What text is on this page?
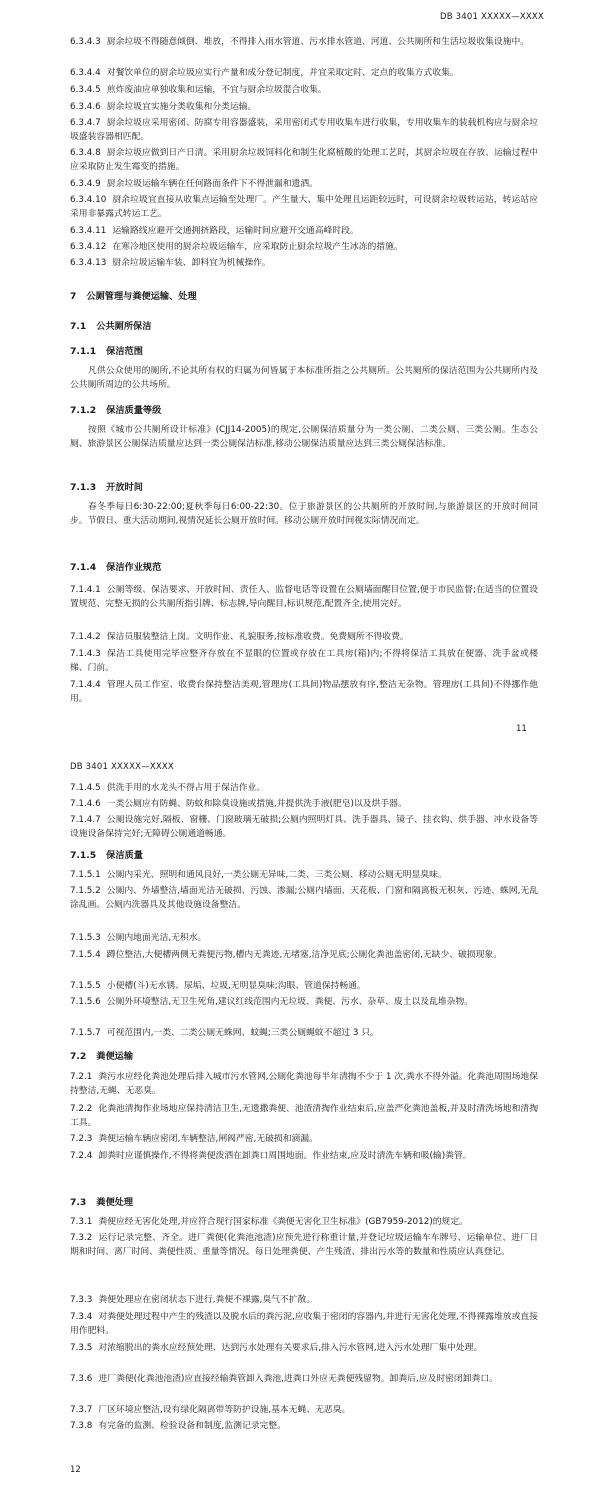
DB 3401 XXXXX—XXXX
6.3.4.3 厨余垃圾不得随意倾倒、堆放，不得排入雨水管道、污水排水管道、河道、公共厕所和生活垃圾收集设施中。
6.3.4.4 对餐饮单位的厨余垃圾应实行产量和成分登记制度，并宜采取定时、定点的收集方式收集。
6.3.4.5 煎炸废油应单独收集和运输，不宜与厨余垃圾混合收集。
6.3.4.6 厨余垃圾宜实施分类收集和分类运输。
6.3.4.7 厨余垃圾应采用密闭、防腐专用容器盛装，采用密闭式专用收集车进行收集，专用收集车的装载机构应与厨余垃圾盛装容器相匹配。
6.3.4.8 厨余垃圾应做到日产日清。采用厨余垃圾饲料化和制生化腐植酸的处理工艺时，其厨余垃圾在存放、运输过程中应采取防止发生霉变的措施。
6.3.4.9 厨余垃圾运输车辆在任何路面条件下不得泄漏和遗洒。
6.3.4.10 厨余垃圾宜直接从收集点运输至处理厂。产生量大、集中处理且运距较远时，可设厨余垃圾转运站，转运站应采用非暴露式转运工艺。
6.3.4.11 运输路线应避开交通拥挤路段，运输时间应避开交通高峰时段。
6.3.4.12 在寒冷地区使用的厨余垃圾运输车，应采取防止厨余垃圾产生冰冻的措施。
6.3.4.13 厨余垃圾运输车装、卸料宜为机械操作。
7 公厕管理与粪便运输、处理
7.1 公共厕所保洁
7.1.1 保洁范围
凡供公众使用的厕所,不论其所有权的归属为何皆属于本标准所指之公共厕所。公共厕所的保洁范围为公共厕所内及公共厕所周边的公共场所。
7.1.2 保洁质量等级
按照《城市公共厕所设计标准》(CJJ14-2005)的规定,公厕保洁质量分为一类公厕、二类公厕、三类公厕。生态公厕、旅游景区公厕保洁质量应达到一类公厕保洁标准,移动公厕保洁质量应达到三类公厕保洁标准。
7.1.3 开放时间
春冬季每日6:30-22:00;夏秋季每日6:00-22:30。位于旅游景区的公共厕所的开放时间,与旅游景区的开放时间同步。节假日、重大活动期间,视情况延长公厕开放时间。移动公厕开放时间视实际情况而定。
7.1.4 保洁作业规范
7.1.4.1 公厕等级、保洁要求、开放时间、责任人、监督电话等设置在公厕墙面醒目位置,便于市民监督;在适当的位置设置规范、完整无损的公共厕所指引牌、标志牌,导向醒目,标识规范,配置齐全,使用完好。
7.1.4.2 保洁员服装整洁上岗。文明作业、礼貌服务,按标准收费。免费厕所不得收费。
7.1.4.3 保洁工具使用完毕应整齐存放在不显眼的位置或存放在工具房(箱)内;不得将保洁工具放在便器、洗手盆或楼梯、门前。
7.1.4.4 管理人员工作室、收费台保持整洁美观,管理房(工具间)物品摆放有序,整洁无杂物。管理房(工具间)不得挪作他用。
11
DB 3401 XXXXX—XXXX
7.1.4.5 供洗手用的水龙头不得占用于保洁作业。
7.1.4.6 一类公厕应有防蝇、防蚊和除臭设施或措施,并提供洗手液(肥皂)以及烘手器。
7.1.4.7 公厕设施完好,隔板、窗栅、门窗玻璃无破损;公厕内照明灯具、洗手器具、镜子、挂衣钩、烘手器、冲水设备等设施设备保持完好;无障碍公厕通道畅通。
7.1.5 保洁质量
7.1.5.1 公厕内采光、照明和通风良好,一类公厕无异味,二类、三类公厕、移动公厕无明显臭味。
7.1.5.2 公厕内、外墙整洁,墙面光洁无破损、污蚀、渗漏;公厕内墙面、天花板、门窗和隔离板无积灰、污迹、蛛网,无乱涂乱画。公厕内洗器具及其他设施设备整洁。
7.1.5.3 公厕内地面光洁,无积水。
7.1.5.4 蹲位整洁,大便槽两侧无粪便污物,槽内无粪迹,无堵塞,洁净见底;公厕化粪池盖密闭,无缺少、破损现象。
7.1.5.5 小便槽(斗)无水锈、尿垢、垃圾,无明显臭味;沟眼、管道保持畅通。
7.1.5.6 公厕外环境整洁,无卫生死角,建议红线范围内无垃圾、粪便、污水、杂草、废土以及乱堆杂物。
7.1.5.7 可视范围内,一类、二类公厕无蛛网、蚊蝇;三类公厕蝇蚊不超过 3 只。
7.2 粪便运输
7.2.1 粪污水应经化粪池处理后排入城市污水管网,公厕化粪池每半年清掏不少于 1 次,粪水不得外溢。化粪池周围场地保持整洁,无蝇、无恶臭。
7.2.2 化粪池清掏作业场地应保持清洁卫生,无遗撒粪便、池渣清掏作业结束后,应盖严化粪池盖板,并及时清洗场地和清掏工具。
7.2.3 粪便运输车辆应密闭,车辆整洁,闸阀严密,无破损和滴漏。
7.2.4 卸粪时应谨慎操作,不得将粪便泼洒在卸粪口周围地面。作业结束,应及时清洗车辆和吸(输)粪管。
7.3 粪便处理
7.3.1 粪便应经无害化处理,并应符合现行国家标准《粪便无害化卫生标准》(GB7959-2012)的规定。
7.3.2 运行记录完整、齐全。进厂粪便(化粪池池渣)应预先进行称重计量,并登记垃圾运输车车牌号、运输单位、进厂日期和时间、离厂时间、粪便性质、重量等情况。每日处理粪便、产生残渣、排出污水等的数量和性质应认真登记。
7.3.3 粪便处理应在密闭状态下进行,粪便不裸露,臭气不扩散。
7.3.4 对粪便处理过程中产生的残渣以及脱水后的粪污泥,应收集于密闭的容器内,并进行无害化处理,不得裸露堆放或直接用作肥料。
7.3.5 对浓缩脱出的粪水应经预处理、达到污水处理有关要求后,排入污水管网,进入污水处理厂集中处理。
7.3.6 进厂粪便(化粪池池渣)应直接经输粪管卸入粪池,进粪口外应无粪便残留物。卸粪后,应及时密闭卸粪口。
7.3.7 厂区环境应整洁,设有绿化隔离带等防护设施,基本无蝇、无恶臭。
7.3.8 有完备的监测、检验设备和制度,监测记录完整。
12
